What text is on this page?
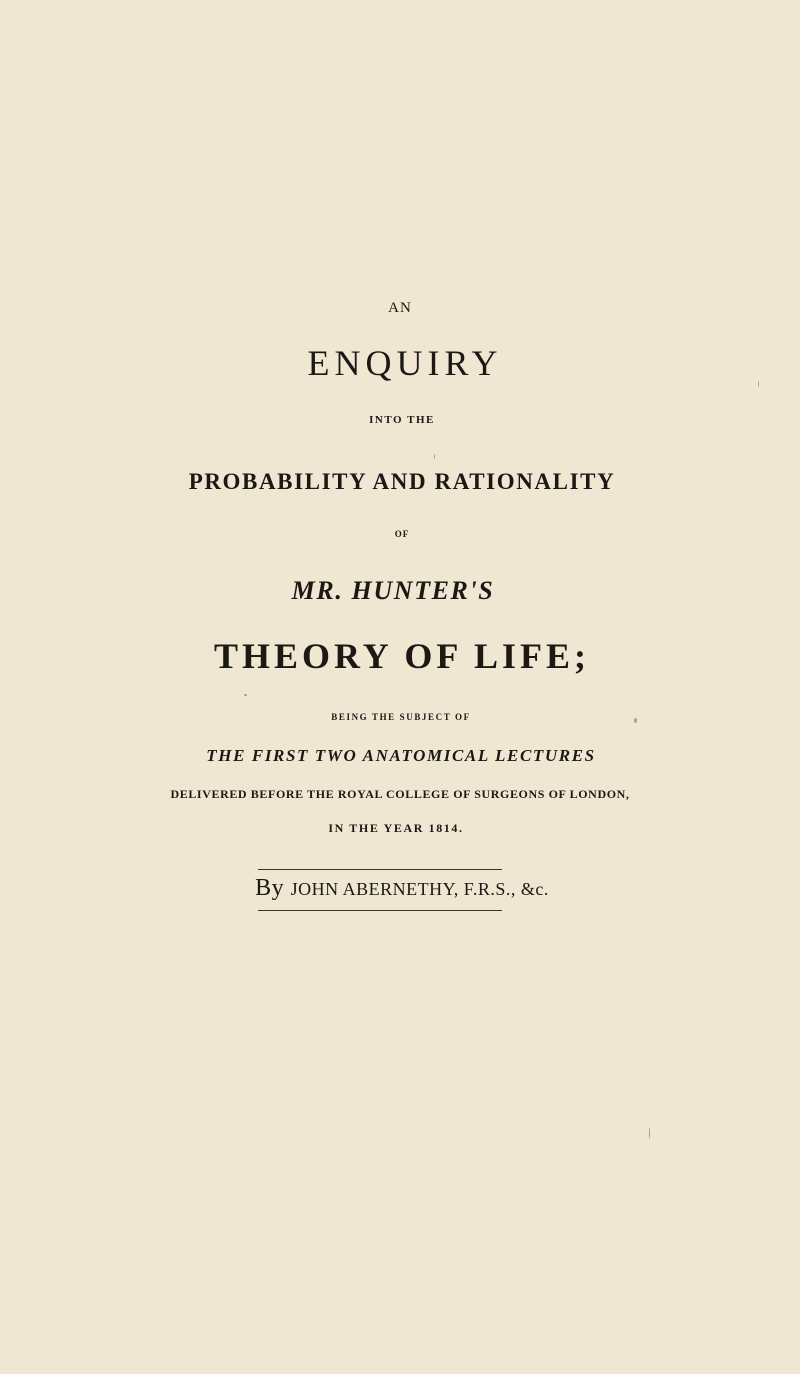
AN
ENQUIRY
INTO THE
PROBABILITY AND RATIONALITY
OF
MR. HUNTER'S
THEORY OF LIFE;
BEING THE SUBJECT OF
THE FIRST TWO ANATOMICAL LECTURES
DELIVERED BEFORE THE ROYAL COLLEGE OF SURGEONS OF LONDON,
IN THE YEAR 1814.
By JOHN ABERNETHY, F.R.S., &c.
